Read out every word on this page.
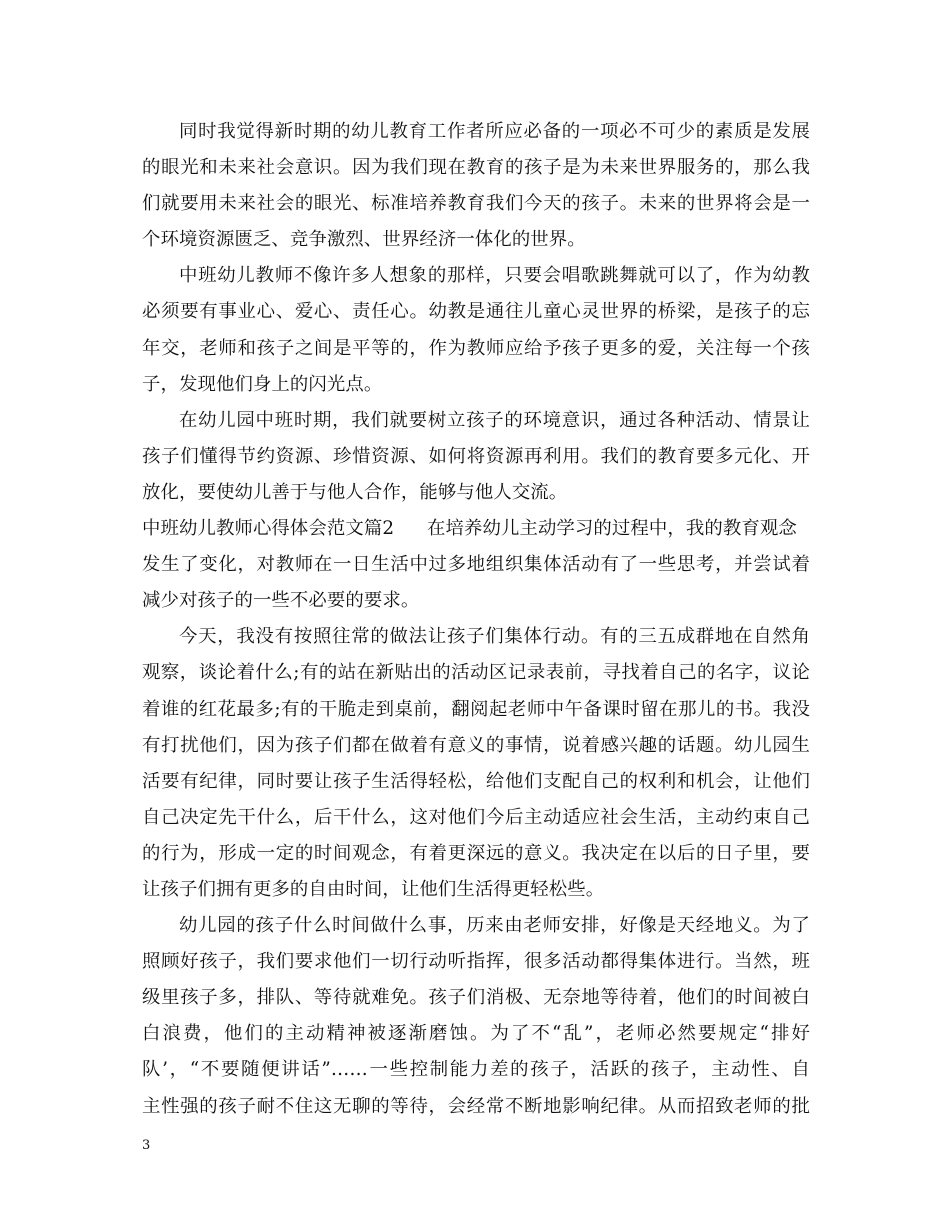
同时我觉得新时期的幼儿教育工作者所应必备的一项必不可少的素质是发展
的眼光和未来社会意识。因为我们现在教育的孩子是为未来世界服务的，那么我
们就要用未来社会的眼光、标准培养教育我们今天的孩子。未来的世界将会是一
个环境资源匮乏、竞争激烈、世界经济一体化的世界。
中班幼儿教师不像许多人想象的那样，只要会唱歌跳舞就可以了，作为幼教
必须要有事业心、爱心、责任心。幼教是通往儿童心灵世界的桥梁，是孩子的忘
年交，老师和孩子之间是平等的，作为教师应给予孩子更多的爱，关注每一个孩
子，发现他们身上的闪光点。
在幼儿园中班时期，我们就要树立孩子的环境意识，通过各种活动、情景让
孩子们懂得节约资源、珍惜资源、如何将资源再利用。我们的教育要多元化、开
放化，要使幼儿善于与他人合作，能够与他人交流。
中班幼儿教师心得体会范文篇2 在培养幼儿主动学习的过程中，我的教育观念
发生了变化，对教师在一日生活中过多地组织集体活动有了一些思考，并尝试着
减少对孩子的一些不必要的要求。
今天，我没有按照往常的做法让孩子们集体行动。有的三五成群地在自然角
观察，谈论着什么;有的站在新贴出的活动区记录表前，寻找着自己的名字，议论
着谁的红花最多;有的干脆走到桌前，翻阅起老师中午备课时留在那儿的书。我没
有打扰他们，因为孩子们都在做着有意义的事情，说着感兴趣的话题。幼儿园生
活要有纪律，同时要让孩子生活得轻松，给他们支配自己的权利和机会，让他们
自己决定先干什么，后干什么，这对他们今后主动适应社会生活，主动约束自己
的行为，形成一定的时间观念，有着更深远的意义。我决定在以后的日子里，要
让孩子们拥有更多的自由时间，让他们生活得更轻松些。
幼儿园的孩子什么时间做什么事，历来由老师安排，好像是天经地义。为了
照顾好孩子，我们要求他们一切行动听指挥，很多活动都得集体进行。当然，班
级里孩子多，排队、等待就难免。孩子们消极、无奈地等待着，他们的时间被白
白浪费，他们的主动精神被逐渐磨蚀。为了不“乱”，老师必然要规定“排好
队’，“不要随便讲话”……一些控制能力差的孩子，活跃的孩子，主动性、自
主性强的孩子耐不住这无聊的等待，会经常不断地影响纪律。从而招致老师的批
3
